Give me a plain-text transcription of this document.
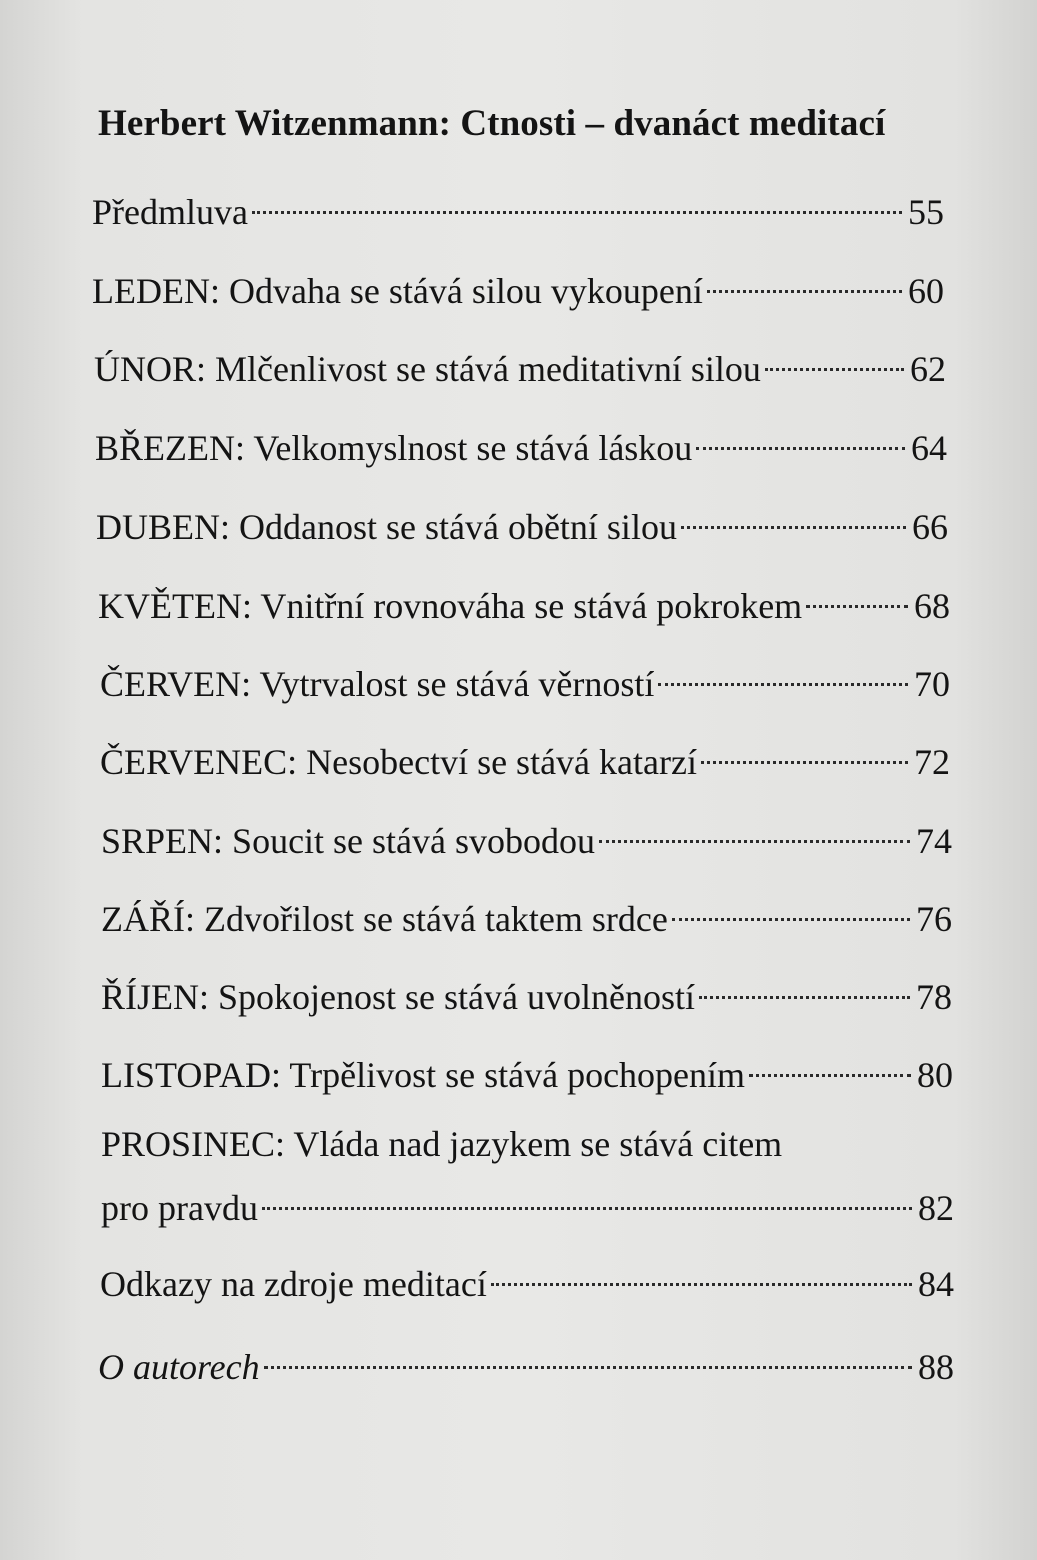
Herbert Witzenmann: Ctnosti – dvanáct meditací
Předmluva	55
LEDEN: Odvaha se stává silou vykoupení	60
ÚNOR: Mlčenlivost se stává meditativní silou	62
BŘEZEN: Velkomyslnost se stává láskou	64
DUBEN: Oddanost se stává obětní silou	66
KVĚTEN: Vnitřní rovnováha se stává pokrokem	68
ČERVEN: Vytrvalost se stává věrností	70
ČERVENEC: Nesobectví se stává katarzí	72
SRPEN: Soucit se stává svobodou	74
ZÁŘÍ: Zdvořilost se stává taktem srdce	76
ŘÍJEN: Spokojenost se stává uvolněností	78
LISTOPAD: Trpělivost se stává pochopením	80
PROSINEC: Vláda nad jazykem se stává citem
pro pravdu	82
Odkazy na zdroje meditací	84
O autorech	88
